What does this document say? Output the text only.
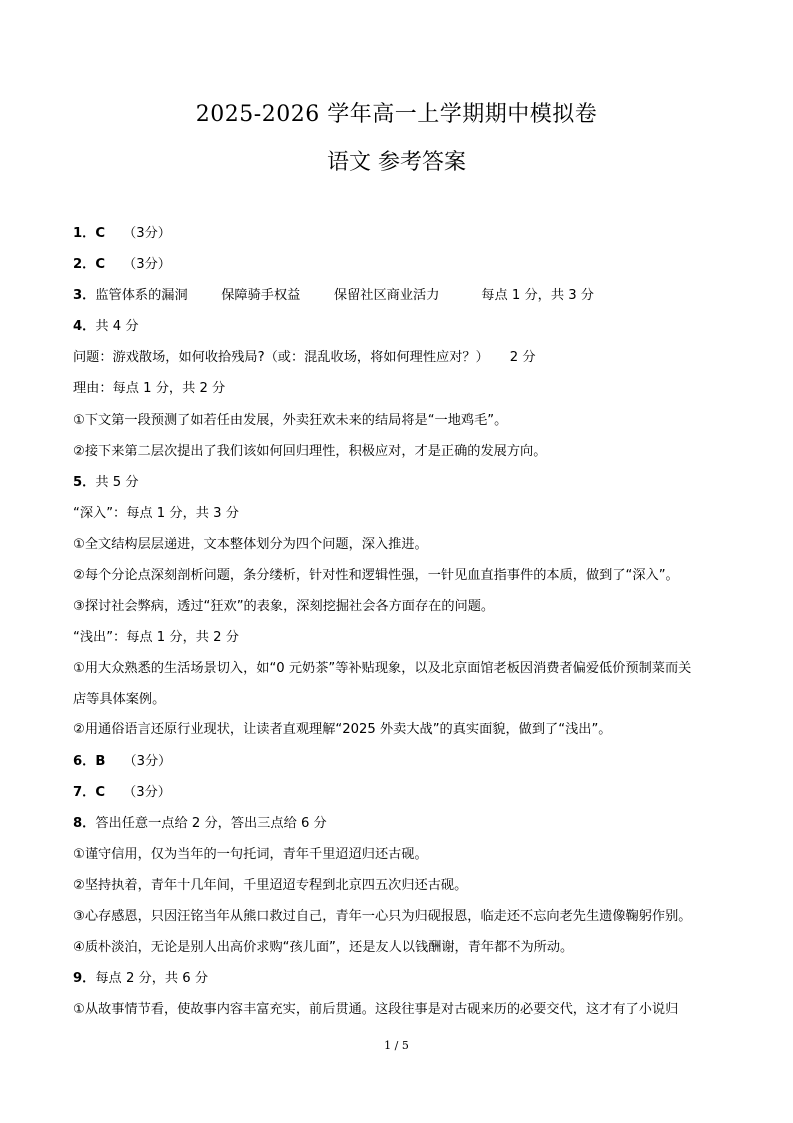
2025-2026 学年高一上学期期中模拟卷
语文 参考答案
1．C （3分）
2．C （3分）
3．监管体系的漏洞        保障骑手权益        保留社区商业活力          每点 1 分，共 3 分
4．共 4 分
问题：游戏散场，如何收拾残局?（或：混乱收场，将如何理性应对？）     2 分
理由：每点 1 分，共 2 分
①下文第一段预测了如若任由发展，外卖狂欢未来的结局将是“一地鸡毛”。
②接下来第二层次提出了我们该如何回归理性，积极应对，才是正确的发展方向。
5．共 5 分
“深入”：每点 1 分，共 3 分
①全文结构层层递进，文本整体划分为四个问题，深入推进。
②每个分论点深刻剖析问题，条分缕析，针对性和逻辑性强，一针见血直指事件的本质，做到了“深入”。
③探讨社会弊病，透过“狂欢”的表象，深刻挖掘社会各方面存在的问题。
“浅出”：每点 1 分，共 2 分
①用大众熟悉的生活场景切入，如“0 元奶茶”等补贴现象，以及北京面馆老板因消费者偏爱低价预制菜而关
店等具体案例。
②用通俗语言还原行业现状，让读者直观理解“2025 外卖大战”的真实面貌，做到了“浅出”。
6．B （3分）
7．C （3分）
8．答出任意一点给 2 分，答出三点给 6 分
①谨守信用，仅为当年的一句托词，青年千里迢迢归还古砚。
②坚持执着，青年十几年间，千里迢迢专程到北京四五次归还古砚。
③心存感恩，只因汪铭当年从熊口救过自己，青年一心只为归砚报恩，临走还不忘向老先生遗像鞠躬作别。
④质朴淡泊，无论是别人出高价求购“孩儿面”，还是友人以钱酬谢，青年都不为所动。
9．每点 2 分，共 6 分
①从故事情节看，使故事内容丰富充实，前后贯通。这段往事是对古砚来历的必要交代，这才有了小说归
1 / 5
